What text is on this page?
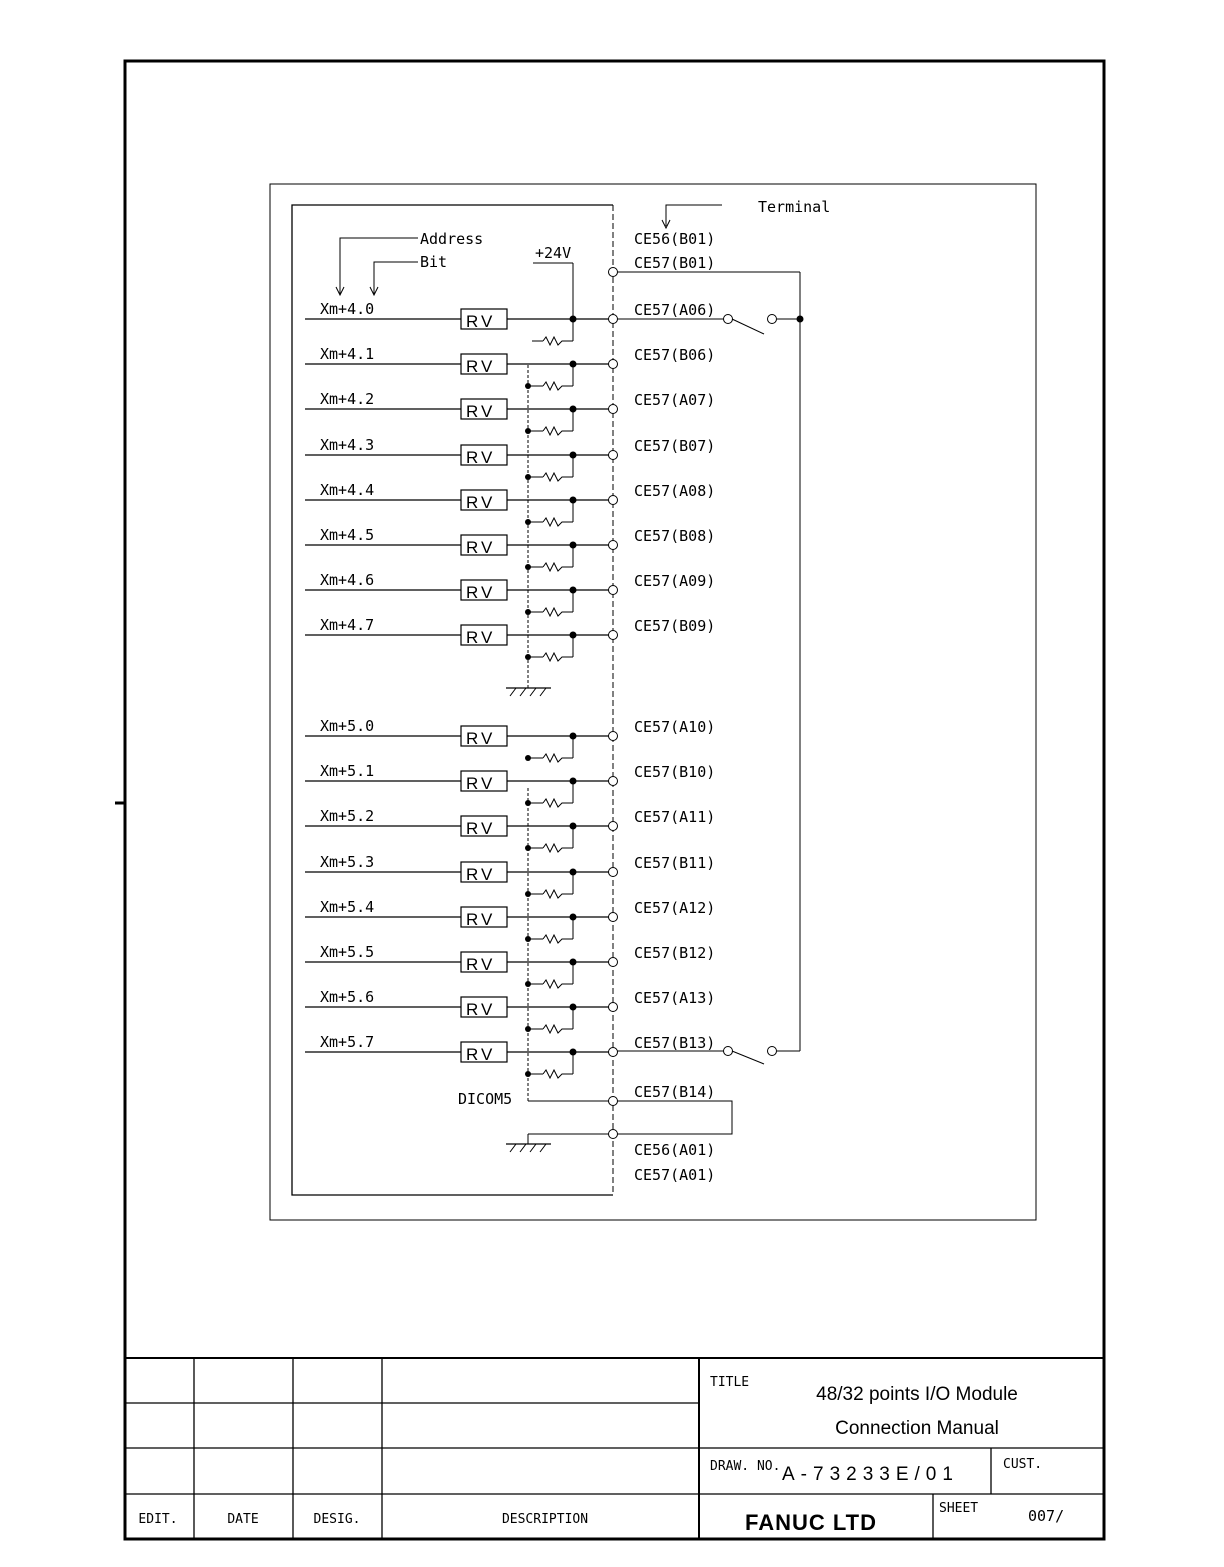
Terminal
Address
Bit	+24V
CE56(B01)
CE57(B01)
DICOM5	CE57(B14)
CE56(A01)
CE57(A01)
Xm+4.0
RV
CE57(A06)
Xm+4.1
RV
CE57(B06)
Xm+4.2
RV
CE57(A07)
Xm+4.3
RV
CE57(B07)
Xm+4.4
RV
CE57(A08)
Xm+4.5
RV
CE57(B08)
Xm+4.6
RV
CE57(A09)
Xm+4.7
RV
CE57(B09)
Xm+5.0
RV
CE57(A10)
Xm+5.1
RV
CE57(B10)
Xm+5.2
RV
CE57(A11)
Xm+5.3
RV
CE57(B11)
Xm+5.4
RV
CE57(A12)
Xm+5.5
RV
CE57(B12)
Xm+5.6
RV
CE57(A13)
Xm+5.7
RV
CE57(B13)
TITLE
48/32 points I/O Module
Connection Manual
DRAW. NO. A-73233E/01	CUST.
SHEET	007/
FANUC LTD
EDIT.	DATE	DESIG.	DESCRIPTION
